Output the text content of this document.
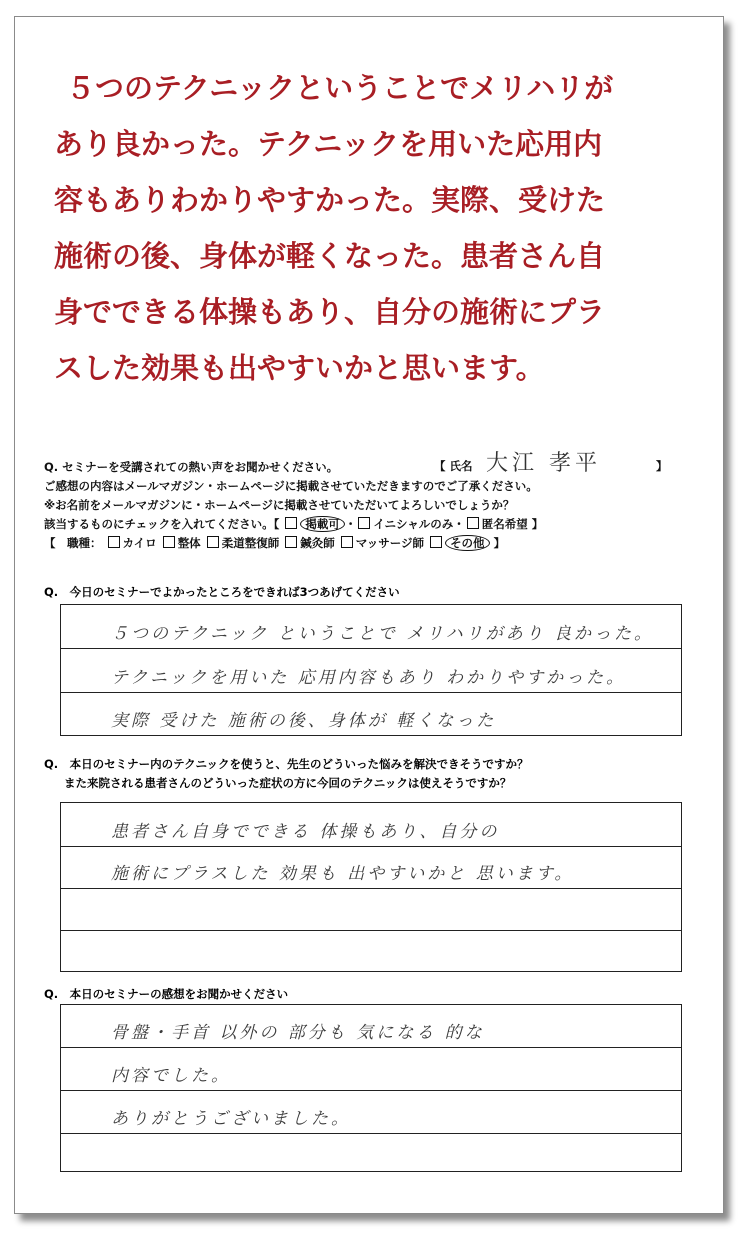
５つのテクニックということでメリハリが
あり良かった。テクニックを用いた応用内
容もありわかりやすかった。実際、受けた
施術の後、身体が軽くなった。患者さん自
身でできる体操もあり、自分の施術にプラ
スした効果も出やすいかと思います。
Q. セミナーを受講されての熱い声をお聞かせください。	【 氏名 大江 孝平	】
ご感想の内容はメールマガジン・ホームページに掲載させていただきますのでご了承ください。
※お名前をメールマガジンに・ホームページに掲載させていただいてよろしいでしょうか？
該当するものにチェックを入れてください。【 掲載可 ・ イニシャルのみ・ 匿名希望 】
【　職種： カイロ 整体 柔道整復師 鍼灸師 マッサージ師 その他 】
Q.　今日のセミナーでよかったところをできれば3つあげてください
５つのテクニック ということで メリハリがあり 良かった。
テクニックを用いた 応用内容もあり わかりやすかった。
実際 受けた 施術の後、身体が 軽くなった
Q.　本日のセミナー内のテクニックを使うと、先生のどういった悩みを解決できそうですか？
また来院される患者さんのどういった症状の方に今回のテクニックは使えそうですか？
患者さん自身でできる 体操もあり、自分の
施術にプラスした 効果も 出やすいかと 思います。
Q.　本日のセミナーの感想をお聞かせください
骨盤・手首 以外の 部分も 気になる 的な
内容でした。
ありがとうございました。
